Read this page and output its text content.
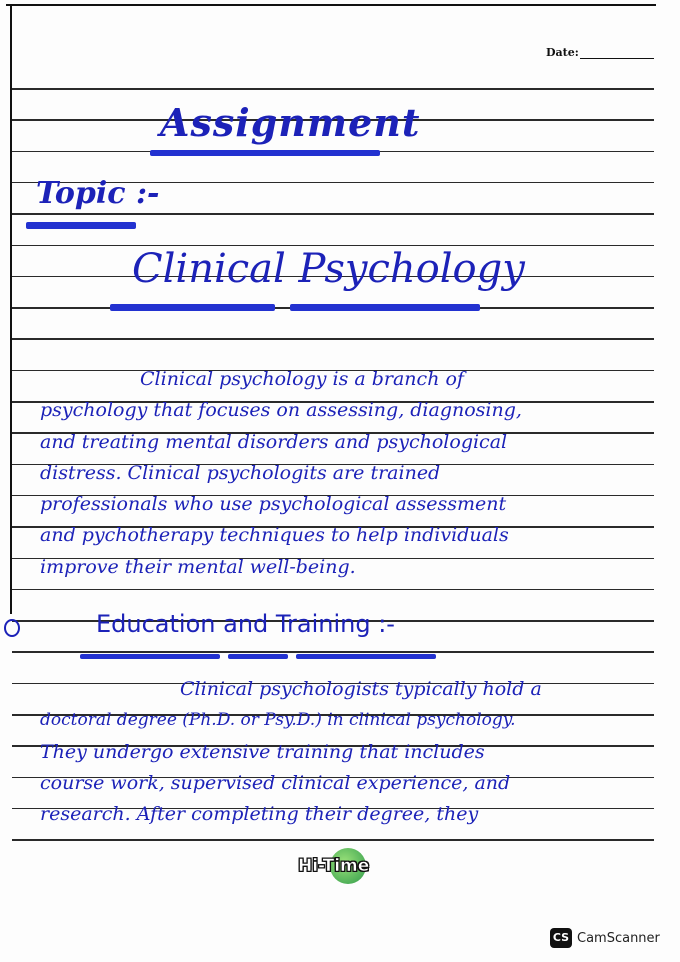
Date:
Assignment
Topic :-
Clinical Psychology
Clinical psychology is a branch of
psychology that focuses on assessing, diagnosing,
and treating mental disorders and psychological
distress. Clinical psychologits are trained
professionals who use psychological assessment
and pychotherapy techniques to help individuals
improve their mental well-being.
Education and Training :-
Clinical psychologists typically hold a
doctoral degree (Ph.D. or Psy.D.) in clinical psychology.
They undergo extensive training that includes
course work, supervised clinical experience, and
research. After completing their degree, they
Hi-Time
CS CamScanner
